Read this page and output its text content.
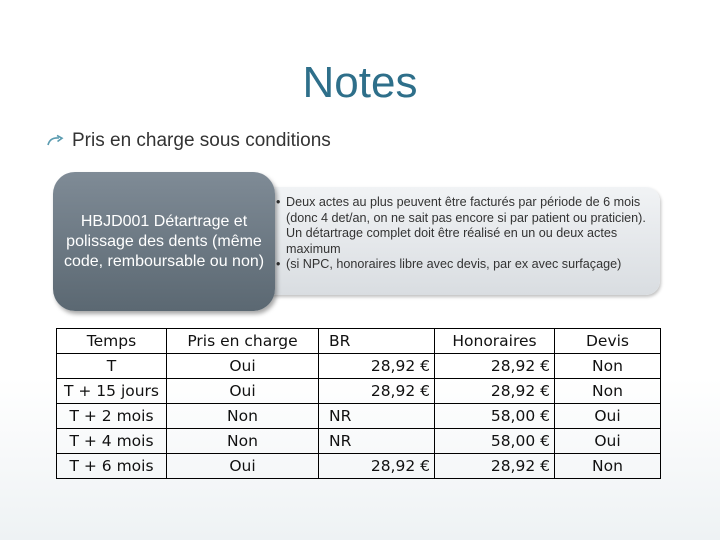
Notes
Pris en charge sous conditions
• Deux actes au plus peuvent être facturés par période de 6 mois (donc 4 det/an, on ne sait pas encore si par patient ou praticien). Un détartrage complet doit être réalisé en un ou deux actes maximum
• (si NPC, honoraires libre avec devis, par ex avec surfaçage)
HBJD001 Détartrage et polissage des dents (même code, remboursable ou non)
Temps	Pris en charge	BR	Honoraires	Devis
T	Oui	28,92 €	28,92 €	Non
T + 15 jours	Oui	28,92 €	28,92 €	Non
T + 2 mois	Non	NR	58,00 €	Oui
T + 4 mois	Non	NR	58,00 €	Oui
T + 6 mois	Oui	28,92 €	28,92 €	Non
